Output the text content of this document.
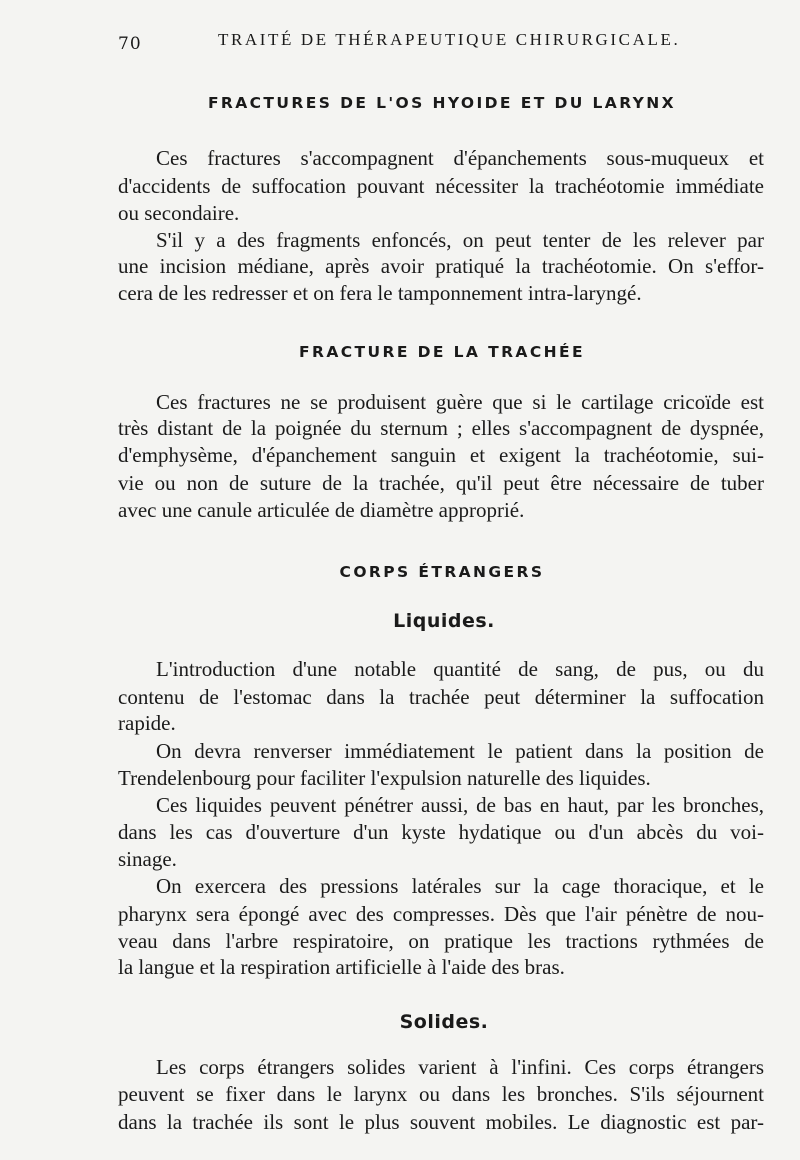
70	TRAITÉ DE THÉRAPEUTIQUE CHIRURGICALE.
FRACTURES DE L'OS HYOIDE ET DU LARYNX
Ces fractures s'accompagnent d'épanchements sous-muqueux et
d'accidents de suffocation pouvant nécessiter la trachéotomie immédiate
ou secondaire.
S'il y a des fragments enfoncés, on peut tenter de les relever par
une incision médiane, après avoir pratiqué la trachéotomie. On s'effor-
cera de les redresser et on fera le tamponnement intra-laryngé.
FRACTURE DE LA TRACHÉE
Ces fractures ne se produisent guère que si le cartilage cricoïde est
très distant de la poignée du sternum ; elles s'accompagnent de dyspnée,
d'emphysème, d'épanchement sanguin et exigent la trachéotomie, sui-
vie ou non de suture de la trachée, qu'il peut être nécessaire de tuber
avec une canule articulée de diamètre approprié.
CORPS ÉTRANGERS
Liquides.
L'introduction d'une notable quantité de sang, de pus, ou du
contenu de l'estomac dans la trachée peut déterminer la suffocation
rapide.
On devra renverser immédiatement le patient dans la position de
Trendelenbourg pour faciliter l'expulsion naturelle des liquides.
Ces liquides peuvent pénétrer aussi, de bas en haut, par les bronches,
dans les cas d'ouverture d'un kyste hydatique ou d'un abcès du voi-
sinage.
On exercera des pressions latérales sur la cage thoracique, et le
pharynx sera épongé avec des compresses. Dès que l'air pénètre de nou-
veau dans l'arbre respiratoire, on pratique les tractions rythmées de
la langue et la respiration artificielle à l'aide des bras.
Solides.
Les corps étrangers solides varient à l'infini. Ces corps étrangers
peuvent se fixer dans le larynx ou dans les bronches. S'ils séjournent
dans la trachée ils sont le plus souvent mobiles. Le diagnostic est par-
